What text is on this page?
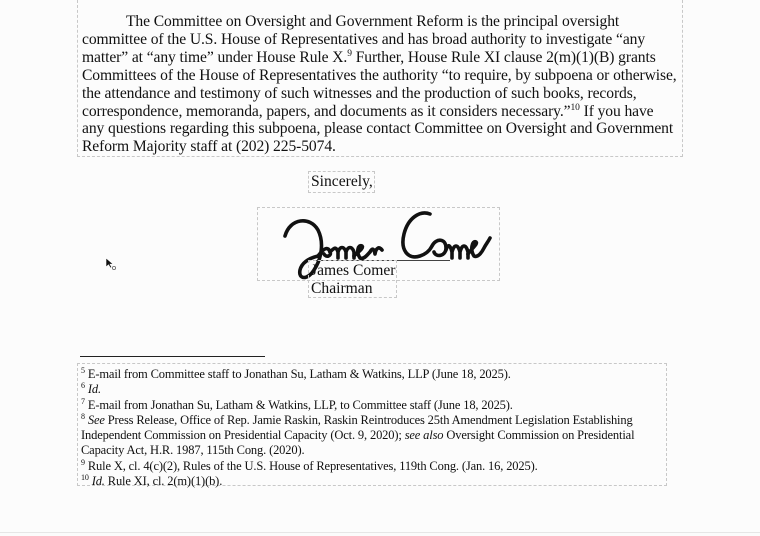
The Committee on Oversight and Government Reform is the principal oversight committee of the U.S. House of Representatives and has broad authority to investigate “any matter” at “any time” under House Rule X.$^9$ Further, House Rule XI clause 2(m)(1)(B) grants Committees of the House of Representatives the authority “to require, by subpoena or otherwise, the attendance and testimony of such witnesses and the production of such books, records, correspondence, memoranda, papers, and documents as it considers necessary.”$^{10}$ If you have any questions regarding this subpoena, please contact Committee on Oversight and Government Reform Majority staff at (202) 225-5074.
Sincerely,
James Comer
Chairman
$^5$ E-mail from Committee staff to Jonathan Su, Latham & Watkins, LLP (June 18, 2025).
$^6$ Id.
$^7$ E-mail from Jonathan Su, Latham & Watkins, LLP, to Committee staff (June 18, 2025).
$^8$ See Press Release, Office of Rep. Jamie Raskin, Raskin Reintroduces 25th Amendment Legislation Establishing Independent Commission on Presidential Capacity (Oct. 9, 2020); see also Oversight Commission on Presidential Capacity Act, H.R. 1987, 115th Cong. (2020).
$^9$ Rule X, cl. 4(c)(2), Rules of the U.S. House of Representatives, 119th Cong. (Jan. 16, 2025).
$^{10}$ Id. Rule XI, cl. 2(m)(1)(b).
